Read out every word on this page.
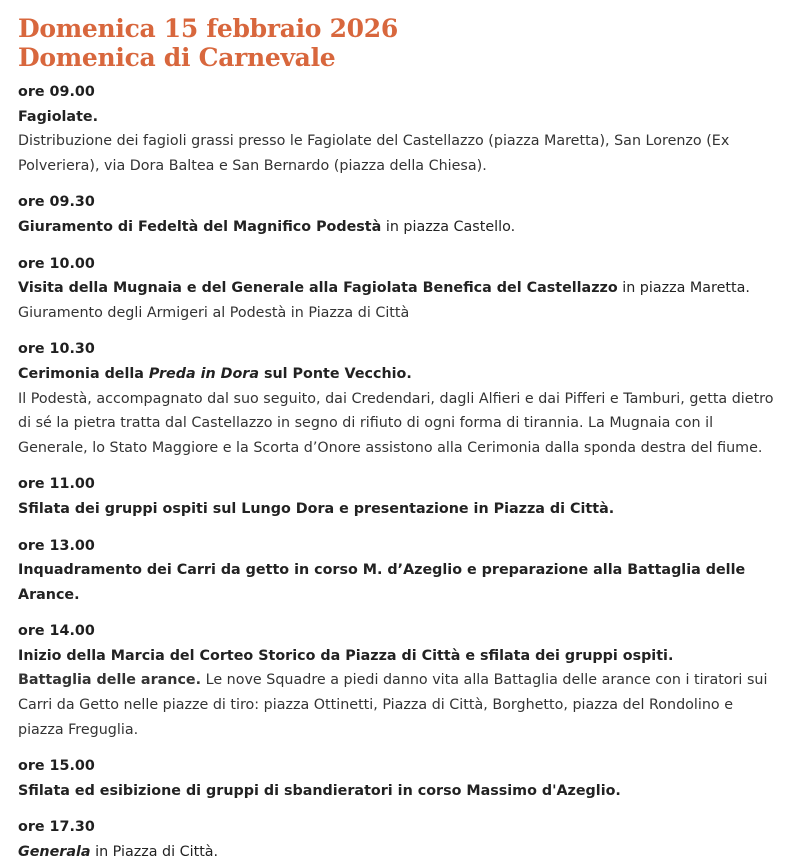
Domenica 15 febbraio 2026
Domenica di Carnevale

ore 09.00

Fagiolate.

Distribuzione dei fagioli grassi presso le Fagiolate del Castellazzo (piazza Maretta), San Lorenzo (Ex Polveriera), via Dora Baltea e San Bernardo (piazza della Chiesa).

ore 09.30

Giuramento di Fedeltà del Magnifico Podestà in piazza Castello.

ore 10.00

Visita della Mugnaia e del Generale alla Fagiolata Benefica del Castellazzo in piazza Maretta.

Giuramento degli Armigeri al Podestà in Piazza di Città

ore 10.30

Cerimonia della Preda in Dora sul Ponte Vecchio.

Il Podestà, accompagnato dal suo seguito, dai Credendari, dagli Alfieri e dai Pifferi e Tamburi, getta dietro di sé la pietra tratta dal Castellazzo in segno di rifiuto di ogni forma di tirannia. La Mugnaia con il Generale, lo Stato Maggiore e la Scorta d’Onore assistono alla Cerimonia dalla sponda destra del fiume.

ore 11.00

Sfilata dei gruppi ospiti sul Lungo Dora e presentazione in Piazza di Città.

ore 13.00

Inquadramento dei Carri da getto in corso M. d’Azeglio e preparazione alla Battaglia delle Arance.

ore 14.00

Inizio della Marcia del Corteo Storico da Piazza di Città e sfilata dei gruppi ospiti.

Battaglia delle arance. Le nove Squadre a piedi danno vita alla Battaglia delle arance con i tiratori sui Carri da Getto nelle piazze di tiro: piazza Ottinetti, Piazza di Città, Borghetto, piazza del Rondolino e piazza Freguglia.

ore 15.00

Sfilata ed esibizione di gruppi di sbandieratori in corso Massimo d'Azeglio.

ore 17.30

Generala in Piazza di Città.
